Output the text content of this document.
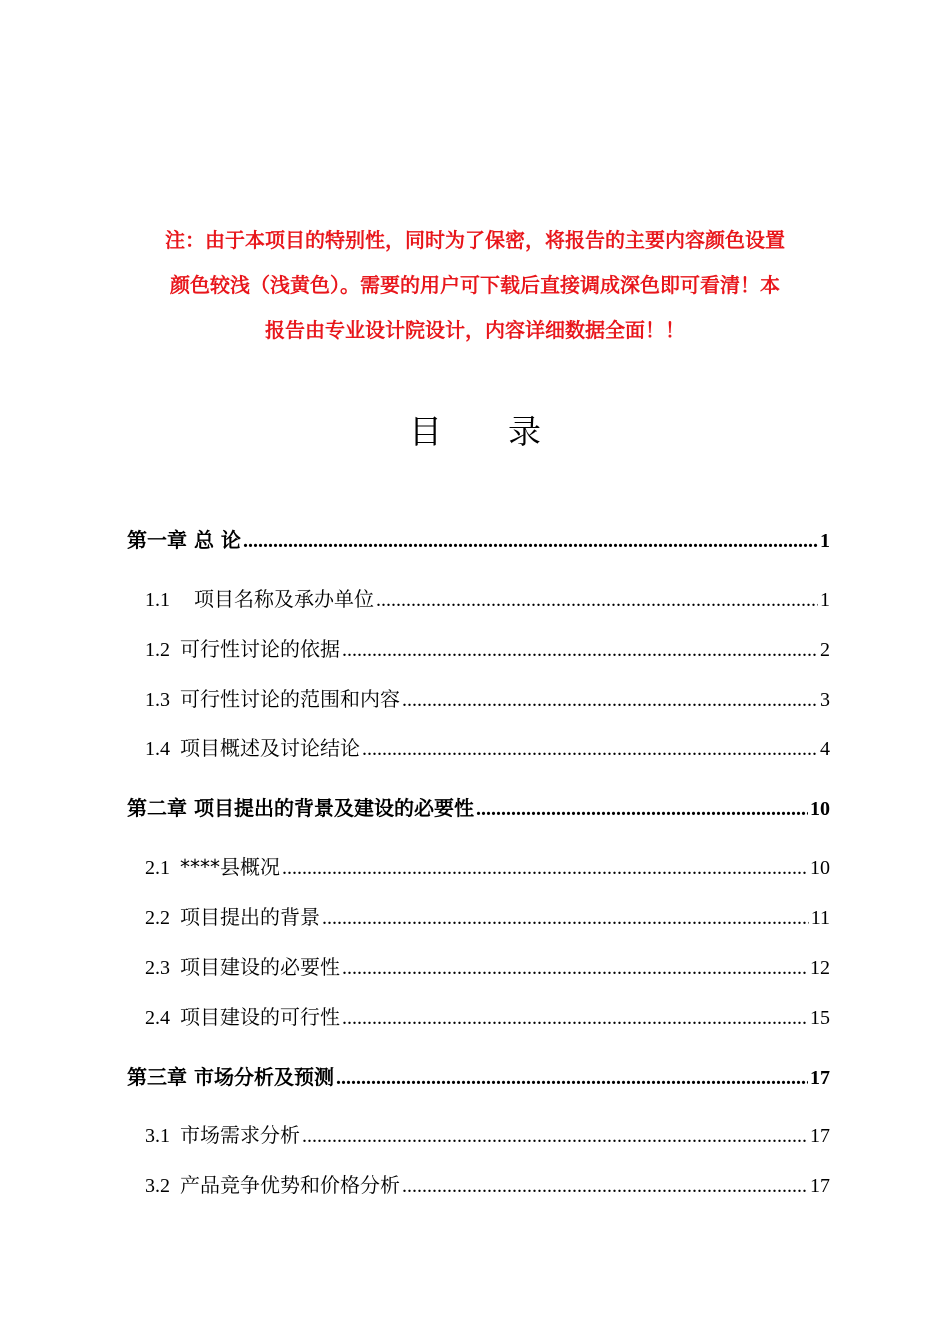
注：由于本项目的特别性，同时为了保密，将报告的主要内容颜色设置
颜色较浅（浅黄色）。需要的用户可下载后直接调成深色即可看清！本
报告由专业设计院设计，内容详细数据全面！！
目 录
第一章 总 论 .....	1
1.1 项目名称及承办单位 .....	1
1.2 可行性讨论的依据 .....	2
1.3 可行性讨论的范围和内容 .....	3
1.4 项目概述及讨论结论 .....	4
第二章 项目提出的背景及建设的必要性 .....	10
2.1 ****县概况 .....	10
2.2 项目提出的背景 .....	11
2.3 项目建设的必要性 .....	12
2.4 项目建设的可行性 .....	15
第三章 市场分析及预测 .....	17
3.1 市场需求分析 .....	17
3.2 产品竞争优势和价格分析 .....	17
